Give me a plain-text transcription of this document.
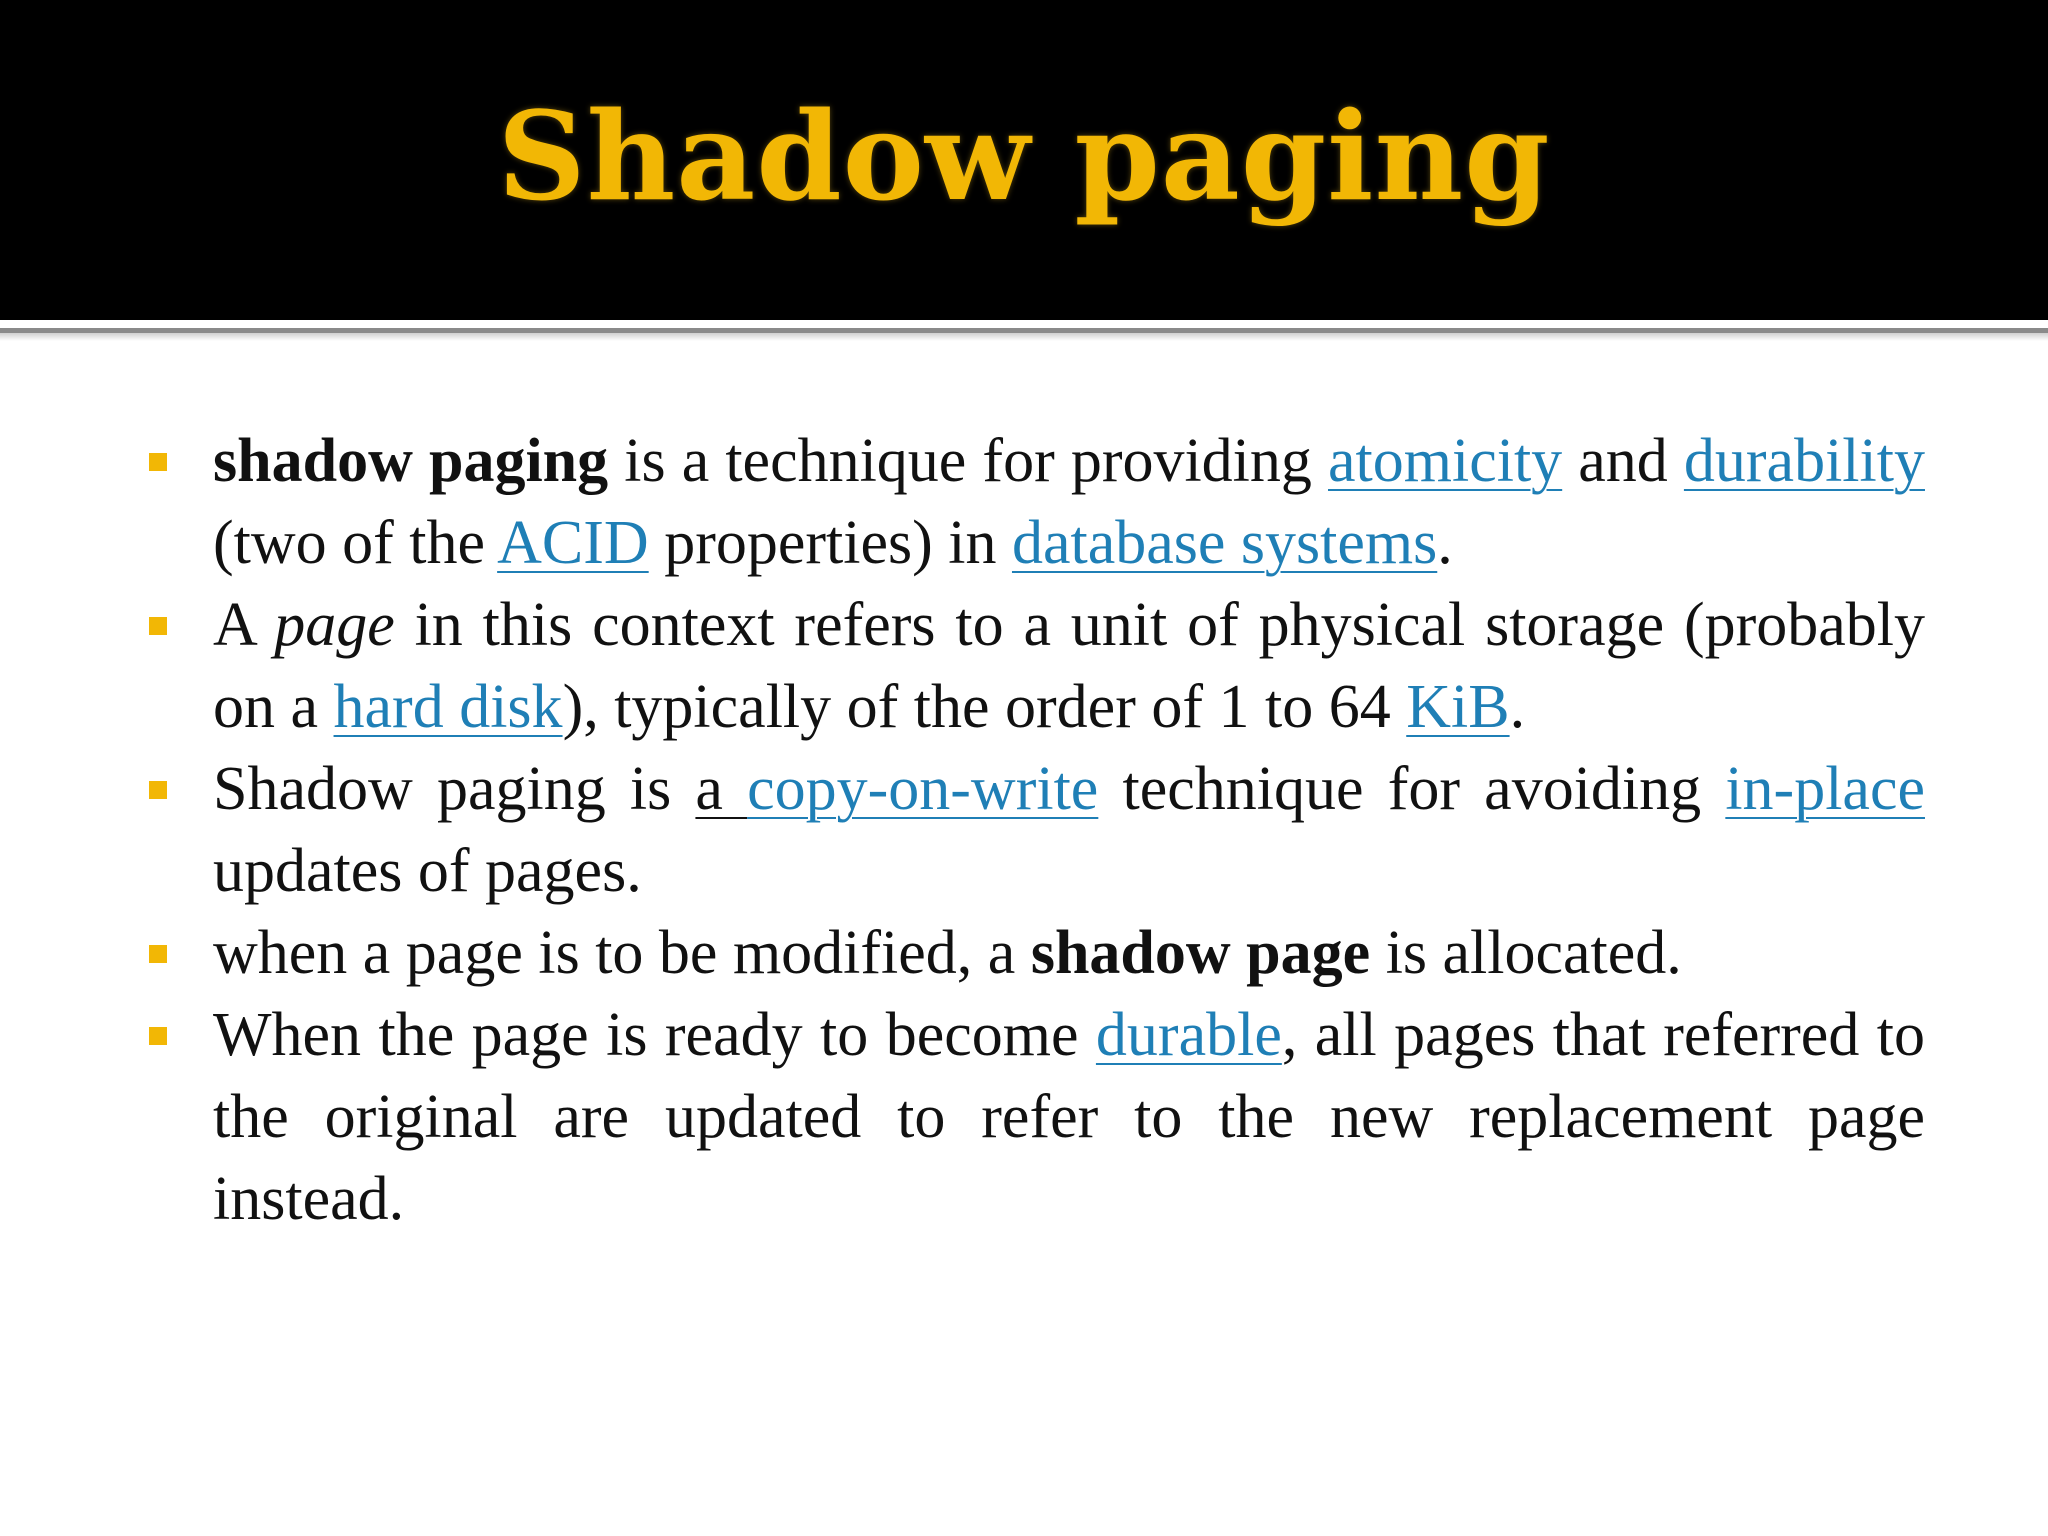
Shadow paging
shadow paging is a technique for providing atomicity and durability (two of the ACID properties) in database systems.
A page in this context refers to a unit of physical storage (probably on a hard disk), typically of the order of 1 to 64 KiB.
Shadow paging is a copy-on-write technique for avoiding in-place updates of pages.
when a page is to be modified, a shadow page is allocated.
When the page is ready to become durable, all pages that referred to the original are updated to refer to the new replacement page instead.
